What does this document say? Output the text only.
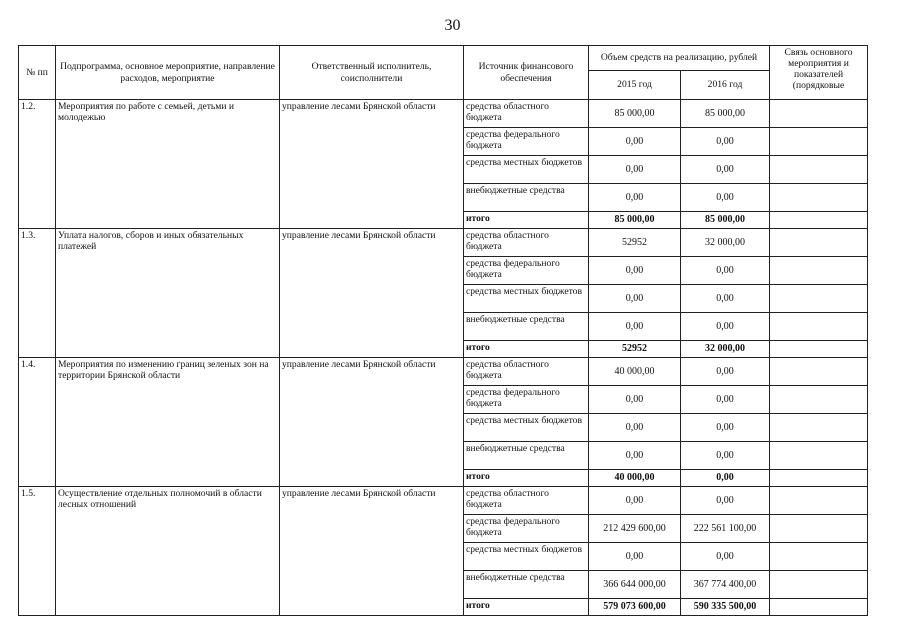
30
№ пп	Подпрограмма, основное мероприятие, направление расходов, мероприятие	Ответственный исполнитель, соисполнители	Источник финансового обеспечения	Объем средств на реализацию, рублей		Связь основного мероприятия и показателей (порядковые
				2015 год	2016 год	
1.2.	Мероприятия по работе с семьей, детьми и молодежью	управление лесами Брянской области	средства областного бюджета	85 000,00	85 000,00	
			средства федерального бюджета	0,00	0,00	
			средства местных бюджетов	0,00	0,00	
			внебюджетные средства	0,00	0,00	
			итого	85 000,00	85 000,00	
1.3.	Уплата налогов, сборов и иных обязательных платежей	управление лесами Брянской области	средства областного бюджета	52952	32 000,00	
			средства федерального бюджета	0,00	0,00	
			средства местных бюджетов	0,00	0,00	
			внебюджетные средства	0,00	0,00	
			итого	52952	32 000,00	
1.4.	Мероприятия по изменению границ зеленых зон на территории Брянской области	управление лесами Брянской области	средства областного бюджета	40 000,00	0,00	
			средства федерального бюджета	0,00	0,00	
			средства местных бюджетов	0,00	0,00	
			внебюджетные средства	0,00	0,00	
			итого	40 000,00	0,00	
1.5.	Осуществление отдельных полномочий в области лесных отношений	управление лесами Брянской области	средства областного бюджета	0,00	0,00	
			средства федерального бюджета	212 429 600,00	222 561 100,00	
			средства местных бюджетов	0,00	0,00	
			внебюджетные средства	366 644 000,00	367 774 400,00	
			итого	579 073 600,00	590 335 500,00	
